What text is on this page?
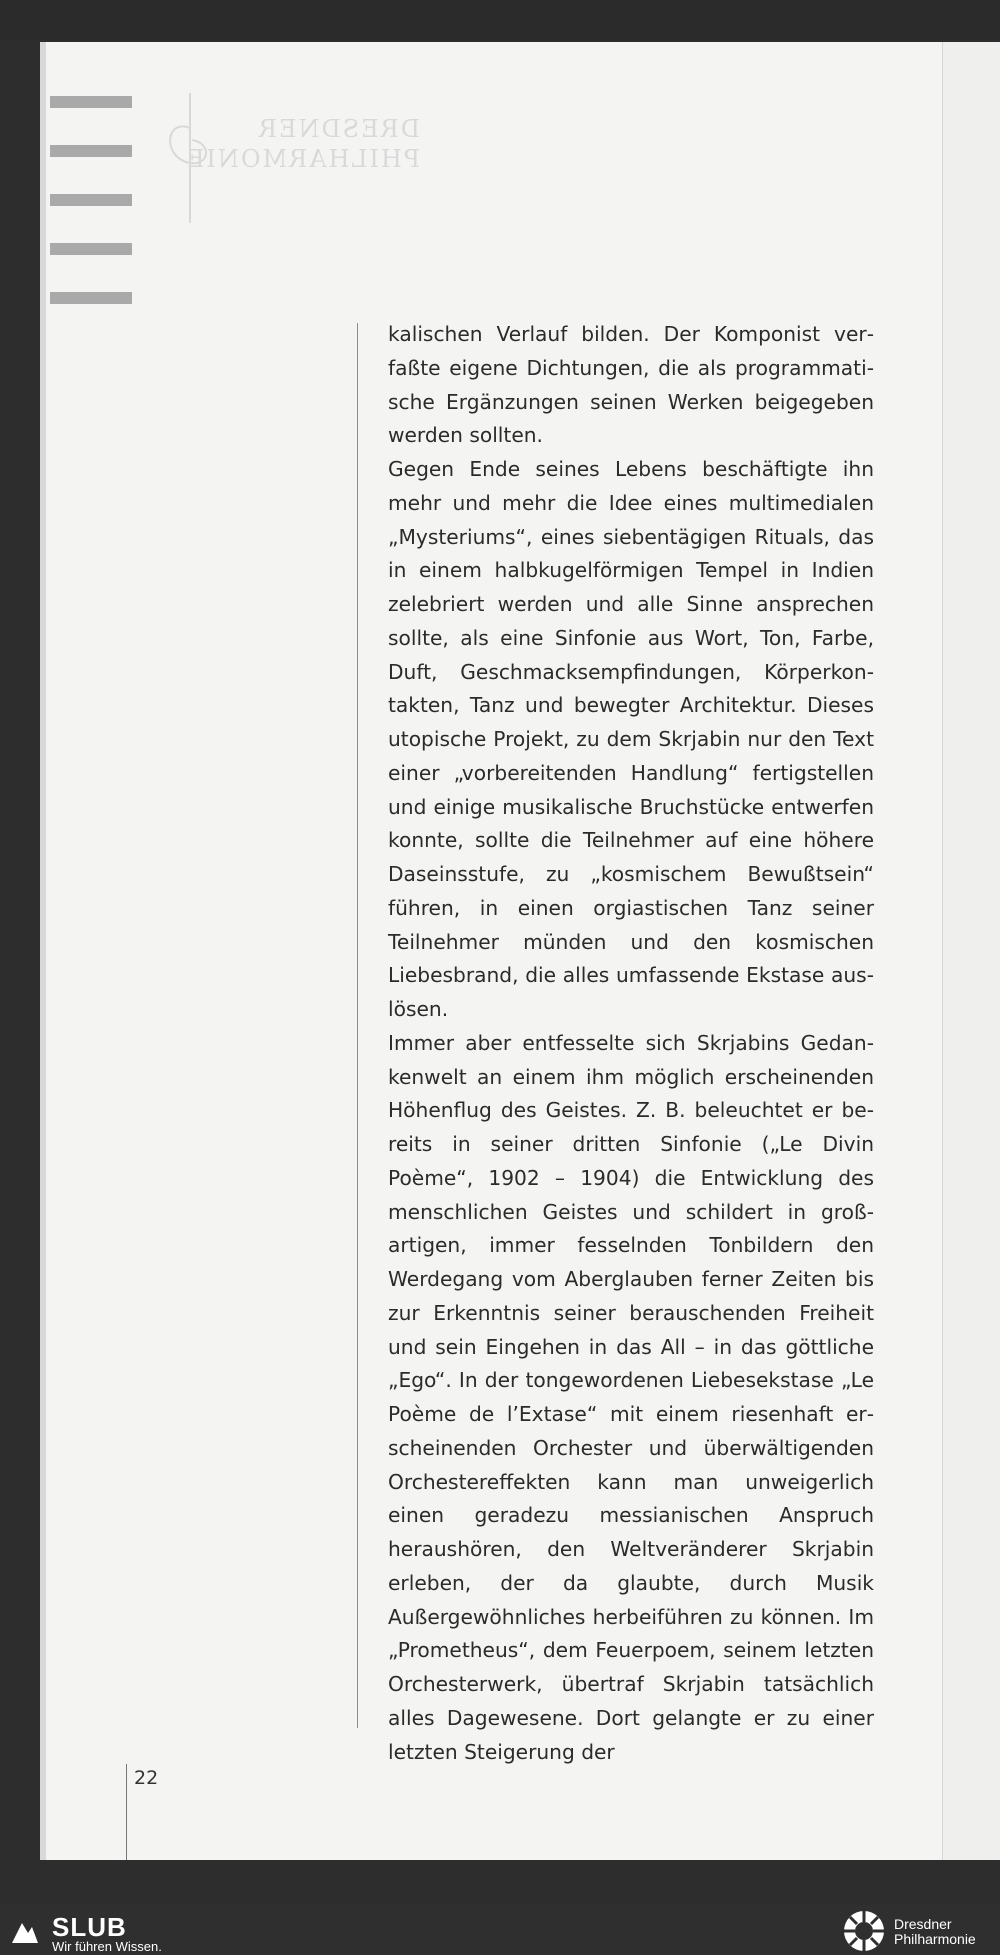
DRESDNER
PHILHARMONIE

kalischen Verlauf bilden. Der Komponist verfaßte eigene Dichtungen, die als programmatische Ergänzungen seinen Werken beigegeben werden sollten.

Gegen Ende seines Lebens beschäftigte ihn mehr und mehr die Idee eines multimedialen „Mysteriums“, eines siebentägigen Rituals, das in einem halbkugelförmigen Tempel in Indien zelebriert werden und alle Sinne ansprechen sollte, als eine Sinfonie aus Wort, Ton, Farbe, Duft, Geschmacksempfindungen, Körperkontakten, Tanz und bewegter Architektur. Dieses utopische Projekt, zu dem Skrjabin nur den Text einer „vorbereitenden Handlung“ fertigstellen und einige musikalische Bruchstücke entwerfen konnte, sollte die Teilnehmer auf eine höhere Daseinsstufe, zu „kosmischem Bewußtsein“ führen, in einen orgiastischen Tanz seiner Teilnehmer münden und den kosmischen Liebesbrand, die alles umfassende Ekstase auslösen.

Immer aber entfesselte sich Skrjabins Gedankenwelt an einem ihm möglich erscheinenden Höhenflug des Geistes. Z. B. beleuchtet er bereits in seiner dritten Sinfonie („Le Divin Poème“, 1902 – 1904) die Entwicklung des menschlichen Geistes und schildert in großartigen, immer fesselnden Tonbildern den Werdegang vom Aberglauben ferner Zeiten bis zur Erkenntnis seiner berauschenden Freiheit und sein Eingehen in das All – in das göttliche „Ego“. In der tongewordenen Liebesekstase „Le Poème de l’Extase“ mit einem riesenhaft erscheinenden Orchester und überwältigenden Orchestereffekten kann man unweigerlich einen geradezu messianischen Anspruch heraushören, den Weltveränderer Skrjabin erleben, der da glaubte, durch Musik Außergewöhnliches herbeiführen zu können. Im „Prometheus“, dem Feuerpoem, seinem letzten Orchesterwerk, übertraf Skrjabin tatsächlich alles Dagewesene. Dort gelangte er zu einer letzten Steigerung der

22
SLUB
Wir führen Wissen.
Dresdner
Philharmonie
